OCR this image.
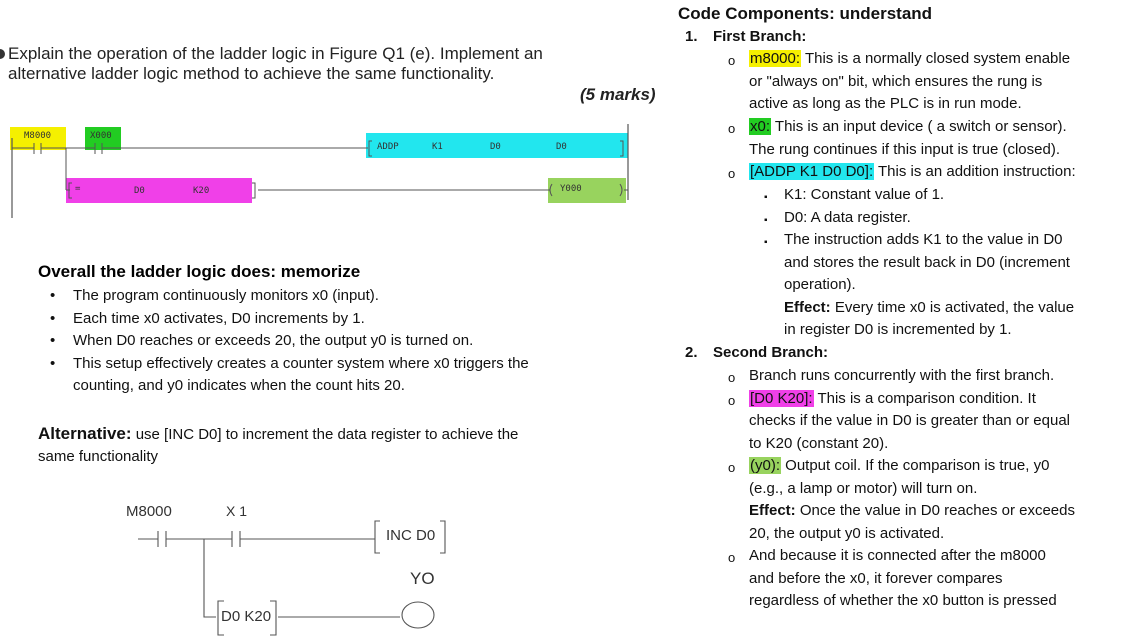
Explain the operation of the ladder logic in Figure Q1 (e). Implement an
alternative ladder logic method to achieve the same functionality.
(5 marks)
M8000	X000
ADDP	K1	D0	D0
=	D0	K20	Y000
Overall the ladder logic does: memorize
• The program continuously monitors x0 (input).
• Each time x0 activates, D0 increments by 1.
• When D0 reaches or exceeds 20, the output y0 is turned on.
• This setup effectively creates a counter system where x0 triggers the
counting, and y0 indicates when the count hits 20.
Alternative: use [INC D0] to increment the data register to achieve the
same functionality
M8000	X 1
INC D0
YO
D0 K20
Code Components: understand
1. First Branch:
o m8000: This is a normally closed system enable
or "always on" bit, which ensures the rung is
active as long as the PLC is in run mode.
o x0: This is an input device ( a switch or sensor).
The rung continues if this input is true (closed).
o [ADDP K1 D0 D0]: This is an addition instruction:
▪ K1: Constant value of 1.
▪ D0: A data register.
▪ The instruction adds K1 to the value in D0
and stores the result back in D0 (increment
operation).
Effect: Every time x0 is activated, the value
in register D0 is incremented by 1.
2. Second Branch:
o Branch runs concurrently with the first branch.
o [D0 K20]: This is a comparison condition. It
checks if the value in D0 is greater than or equal
to K20 (constant 20).
o (y0): Output coil. If the comparison is true, y0
(e.g., a lamp or motor) will turn on.
Effect: Once the value in D0 reaches or exceeds
20, the output y0 is activated.
o And because it is connected after the m8000
and before the x0, it forever compares
regardless of whether the x0 button is pressed
